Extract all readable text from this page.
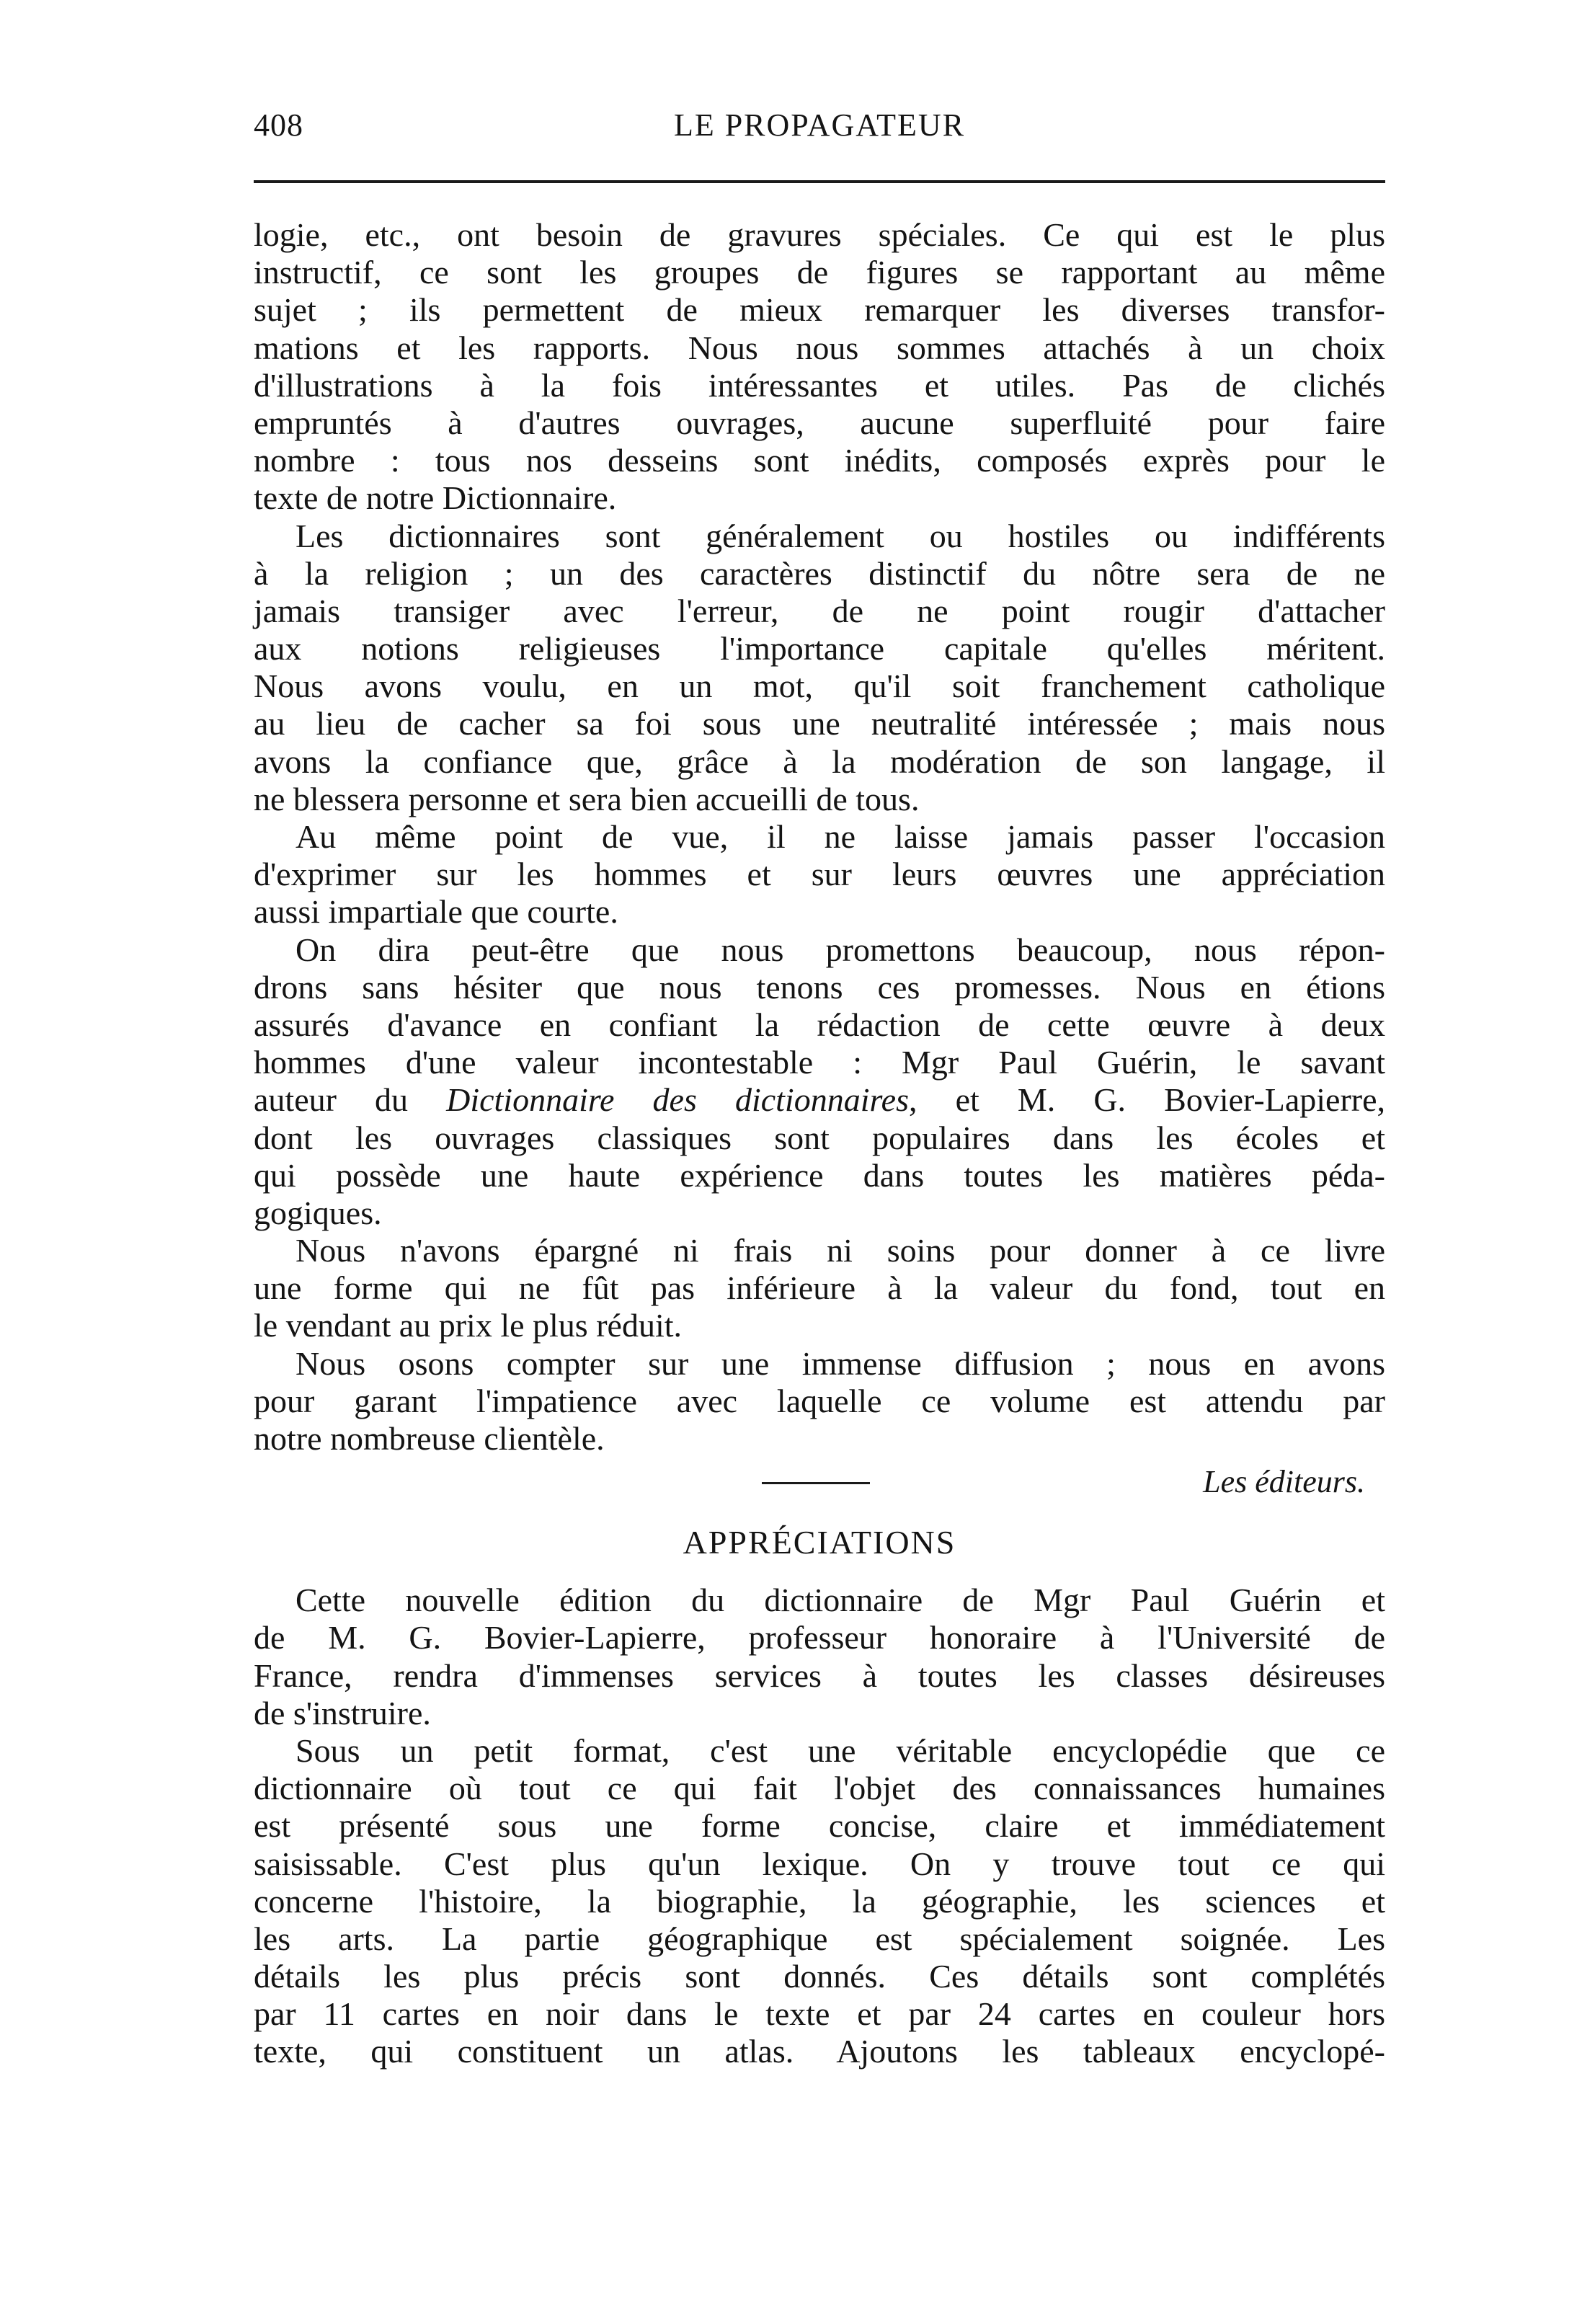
408	LE PROPAGATEUR
logie, etc., ont besoin de gravures spéciales. Ce qui est le plus
instructif, ce sont les groupes de figures se rapportant au même
sujet ; ils permettent de mieux remarquer les diverses transfor-
mations et les rapports. Nous nous sommes attachés à un choix
d'illustrations à la fois intéressantes et utiles. Pas de clichés
empruntés à d'autres ouvrages, aucune superfluité pour faire
nombre : tous nos desseins sont inédits, composés exprès pour le
texte de notre Dictionnaire.
Les dictionnaires sont généralement ou hostiles ou indifférents
à la religion ; un des caractères distinctif du nôtre sera de ne
jamais transiger avec l'erreur, de ne point rougir d'attacher
aux notions religieuses l'importance capitale qu'elles méritent.
Nous avons voulu, en un mot, qu'il soit franchement catholique
au lieu de cacher sa foi sous une neutralité intéressée ; mais nous
avons la confiance que, grâce à la modération de son langage, il
ne blessera personne et sera bien accueilli de tous.
Au même point de vue, il ne laisse jamais passer l'occasion
d'exprimer sur les hommes et sur leurs œuvres une appréciation
aussi impartiale que courte.
On dira peut-être que nous promettons beaucoup, nous répon-
drons sans hésiter que nous tenons ces promesses. Nous en étions
assurés d'avance en confiant la rédaction de cette œuvre à deux
hommes d'une valeur incontestable : Mgr Paul Guérin, le savant
auteur du Dictionnaire des dictionnaires, et M. G. Bovier-Lapierre,
dont les ouvrages classiques sont populaires dans les écoles et
qui possède une haute expérience dans toutes les matières péda-
gogiques.
Nous n'avons épargné ni frais ni soins pour donner à ce livre
une forme qui ne fût pas inférieure à la valeur du fond, tout en
le vendant au prix le plus réduit.
Nous osons compter sur une immense diffusion ; nous en avons
pour garant l'impatience avec laquelle ce volume est attendu par
notre nombreuse clientèle.
Les éditeurs.
APPRÉCIATIONS
Cette nouvelle édition du dictionnaire de Mgr Paul Guérin et
de M. G. Bovier-Lapierre, professeur honoraire à l'Université de
France, rendra d'immenses services à toutes les classes désireuses
de s'instruire.
Sous un petit format, c'est une véritable encyclopédie que ce
dictionnaire où tout ce qui fait l'objet des connaissances humaines
est présenté sous une forme concise, claire et immédiatement
saisissable. C'est plus qu'un lexique. On y trouve tout ce qui
concerne l'histoire, la biographie, la géographie, les sciences et
les arts. La partie géographique est spécialement soignée. Les
détails les plus précis sont donnés. Ces détails sont complétés
par 11 cartes en noir dans le texte et par 24 cartes en couleur hors
texte, qui constituent un atlas. Ajoutons les tableaux encyclopé-
